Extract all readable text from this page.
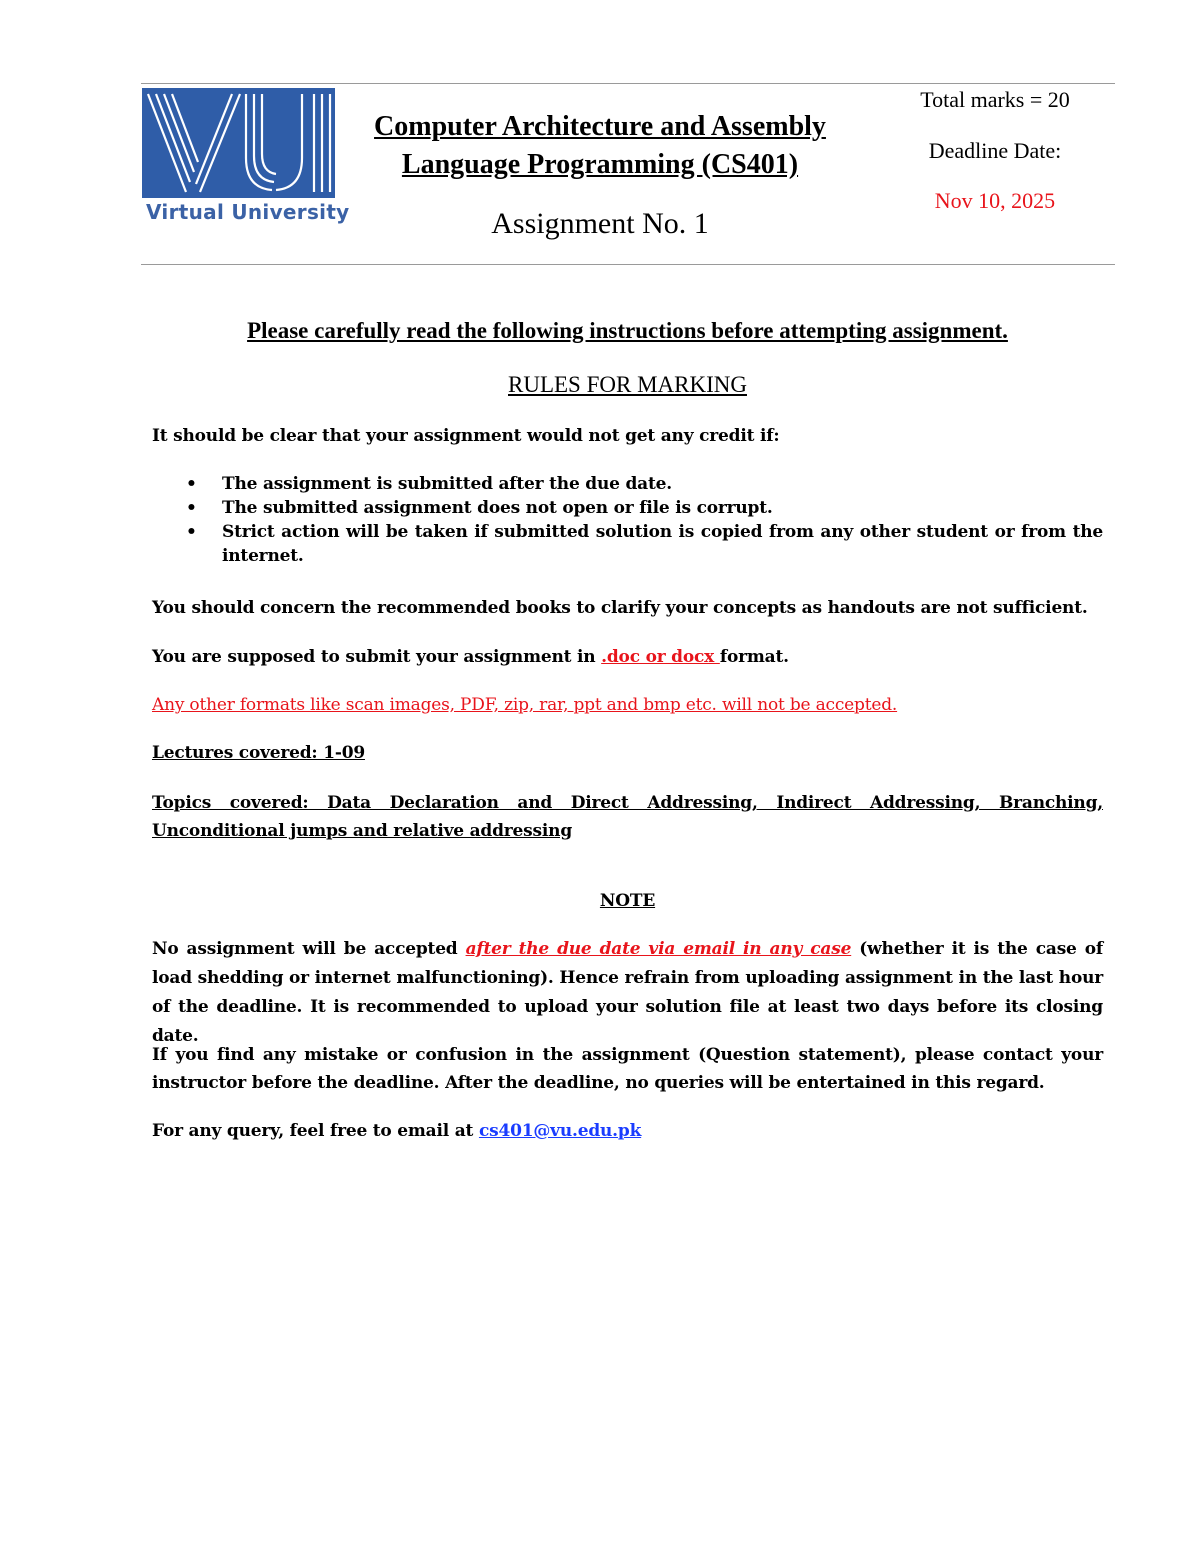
Virtual University
Computer Architecture and Assembly
Language Programming (CS401)
Assignment No. 1
Total marks = 20
Deadline Date:
Nov 10, 2025
Please carefully read the following instructions before attempting assignment.
RULES FOR MARKING
It should be clear that your assignment would not get any credit if:
• The assignment is submitted after the due date.
• The submitted assignment does not open or file is corrupt.
• Strict action will be taken if submitted solution is copied from any other student or from the internet.
You should concern the recommended books to clarify your concepts as handouts are not sufficient.
You are supposed to submit your assignment in .doc or docx format.
Any other formats like scan images, PDF, zip, rar, ppt and bmp etc. will not be accepted.
Lectures covered: 1-09
Topics covered: Data Declaration and Direct Addressing, Indirect Addressing, Branching, Unconditional jumps and relative addressing
NOTE
No assignment will be accepted after the due date via email in any case (whether it is the case of load shedding or internet malfunctioning). Hence refrain from uploading assignment in the last hour of the deadline. It is recommended to upload your solution file at least two days before its closing date.
If you find any mistake or confusion in the assignment (Question statement), please contact your instructor before the deadline. After the deadline, no queries will be entertained in this regard.
For any query, feel free to email at cs401@vu.edu.pk
